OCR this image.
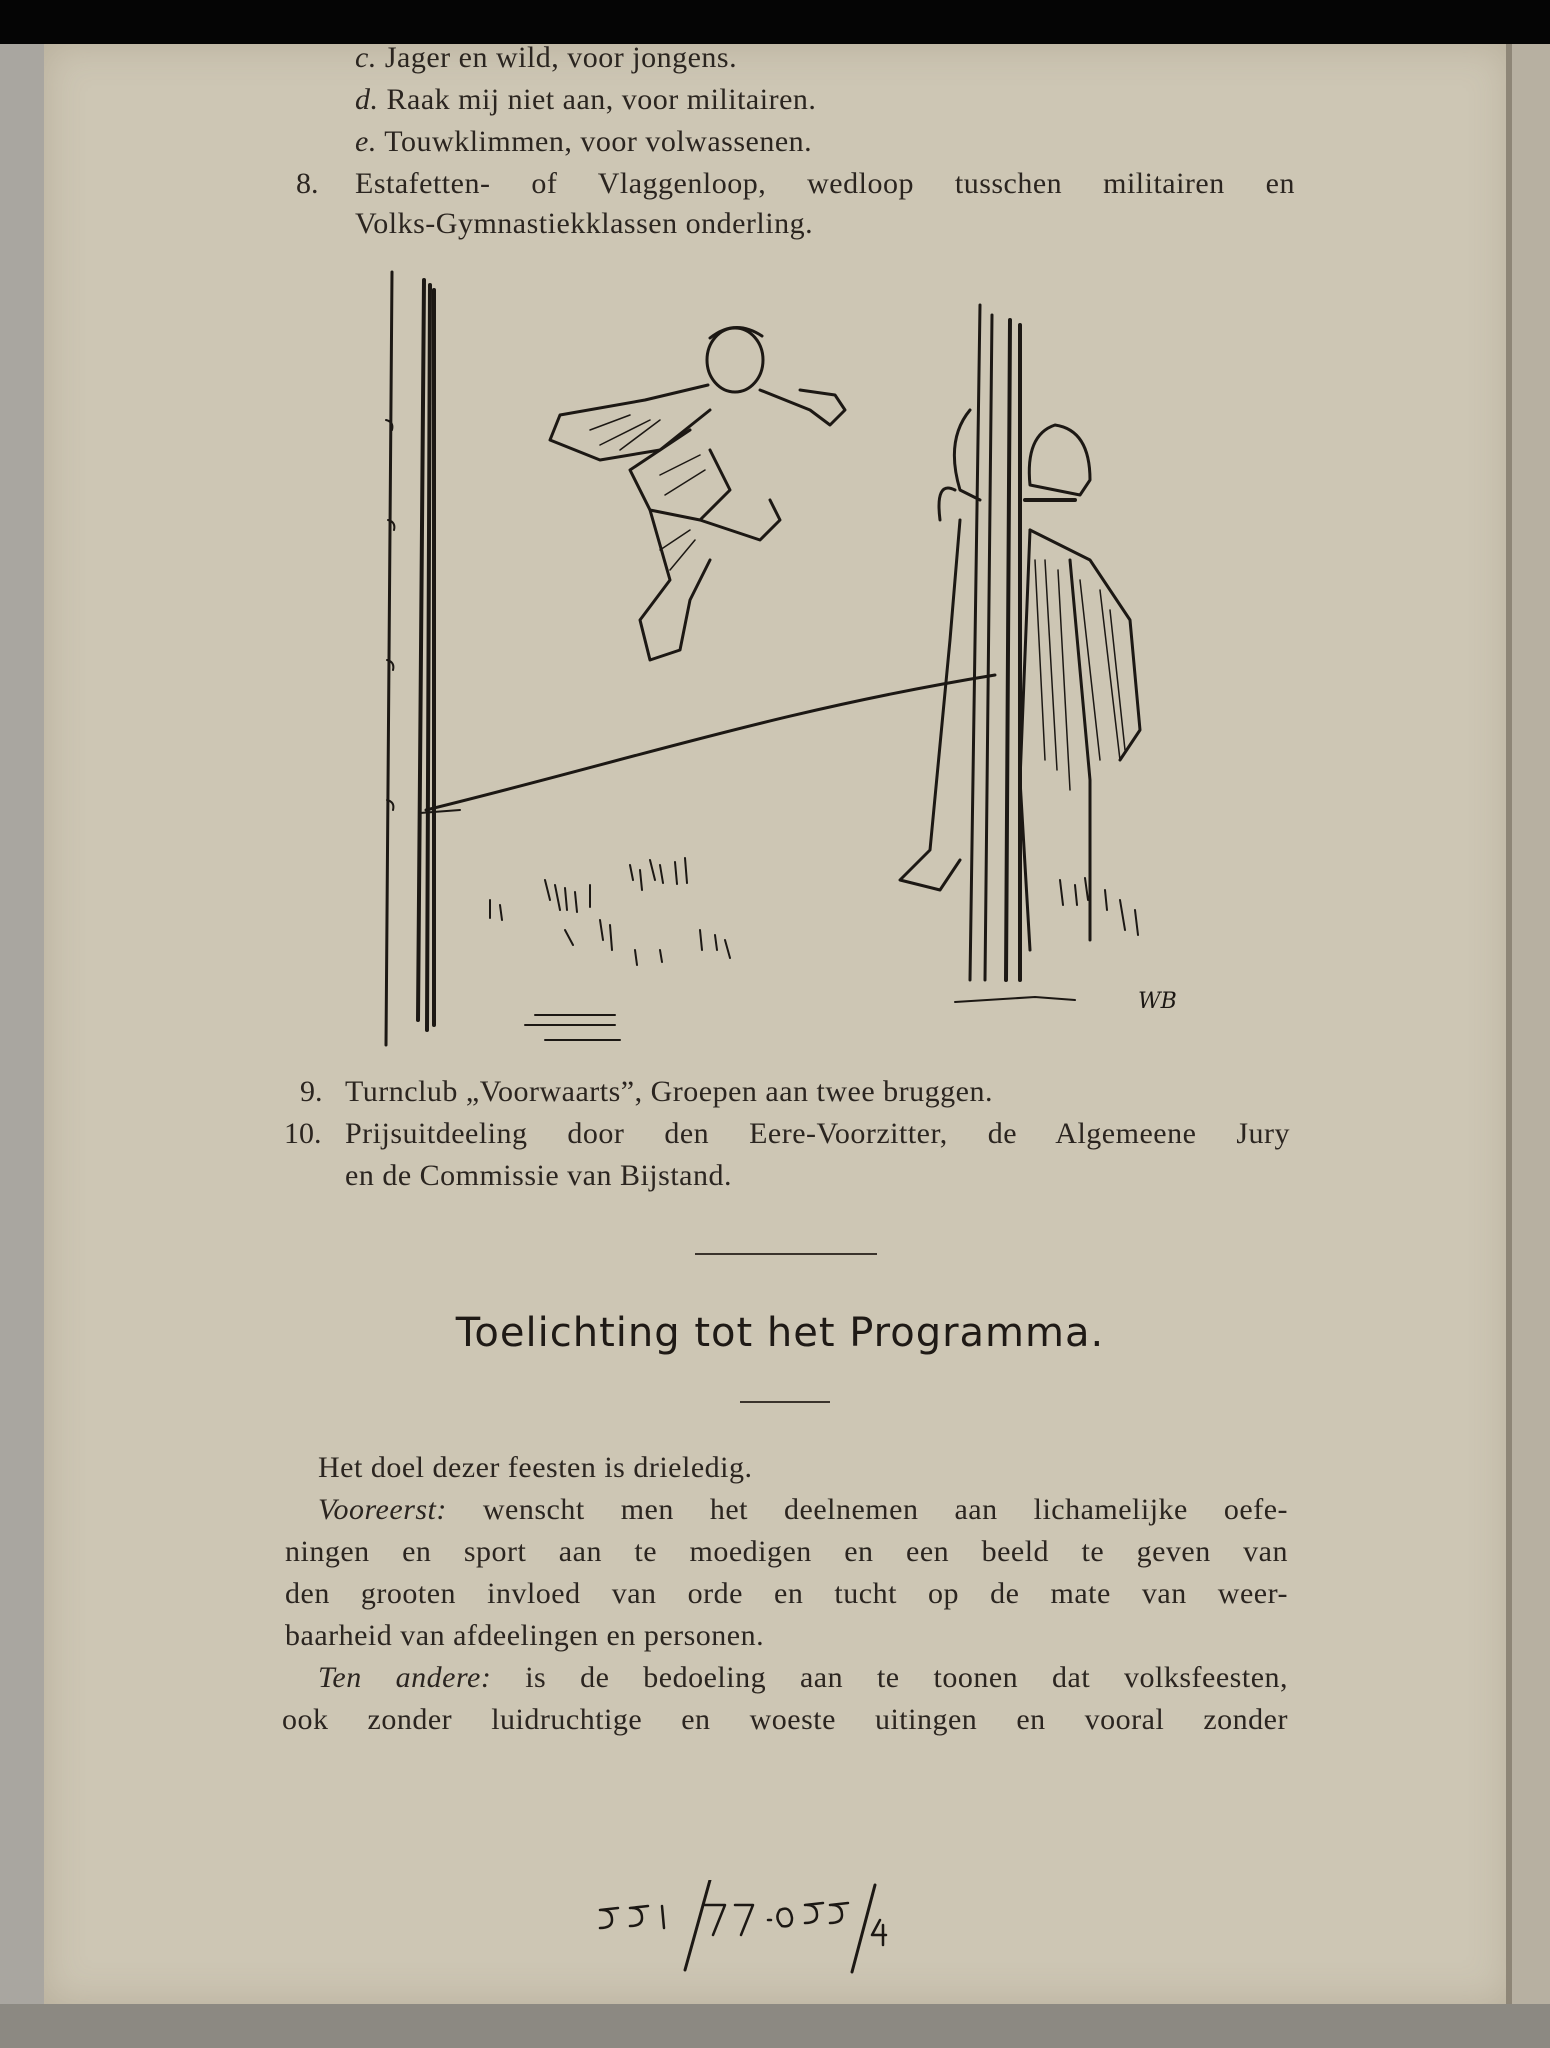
c. Jager en wild, voor jongens.
d. Raak mij niet aan, voor militairen.
e. Touwklimmen, voor volwassenen.
8. Estafetten- of Vlaggenloop, wedloop tusschen militairen en
Volks-Gymnastiekklassen onderling.
WB
9. Turnclub „Voorwaarts”, Groepen aan twee bruggen.
10. Prijsuitdeeling door den Eere-Voorzitter, de Algemeene Jury
en de Commissie van Bijstand.
Toelichting tot het Programma.
Het doel dezer feesten is drieledig.
Vooreerst: wenscht men het deelnemen aan lichamelijke oefe-
ningen en sport aan te moedigen en een beeld te geven van
den grooten invloed van orde en tucht op de mate van weer-
baarheid van afdeelingen en personen.
Ten andere: is de bedoeling aan te toonen dat volksfeesten,
ook zonder luidruchtige en woeste uitingen en vooral zonder
